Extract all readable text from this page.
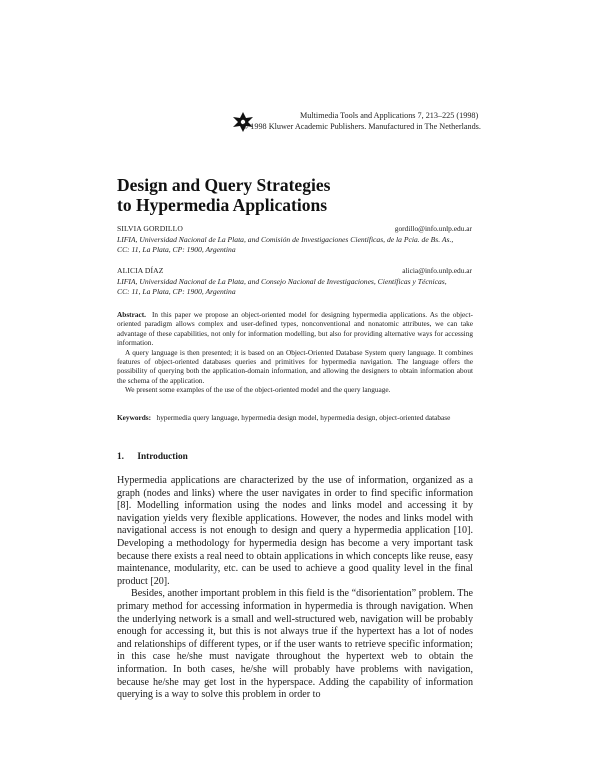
Multimedia Tools and Applications 7, 213–225 (1998)
© 1998 Kluwer Academic Publishers. Manufactured in The Netherlands.
Design and Query Strategies
to Hypermedia Applications
SILVIA GORDILLO	gordillo@info.unlp.edu.ar
LIFIA, Universidad Nacional de La Plata, and Comisión de Investigaciones Científicas, de la Pcia. de Bs. As.,
CC: 11, La Plata, CP: 1900, Argentina
ALICIA DÍAZ	alicia@info.unlp.edu.ar
LIFIA, Universidad Nacional de La Plata, and Consejo Nacional de Investigaciones, Científicas y Técnicas,
CC: 11, La Plata, CP: 1900, Argentina

Abstract. In this paper we propose an object-oriented model for designing hypermedia applications. As the object-oriented paradigm allows complex and user-defined types, nonconventional and nonatomic attributes, we can take advantage of these capabilities, not only for information modelling, but also for providing alternative ways for accessing information.

A query language is then presented; it is based on an Object-Oriented Database System query language. It combines features of object-oriented databases queries and primitives for hypermedia navigation. The language offers the possibility of querying both the application-domain information, and allowing the designers to obtain information about the schema of the application.

We present some examples of the use of the object-oriented model and the query language.

Keywords: hypermedia query language, hypermedia design model, hypermedia design, object-oriented database
1. Introduction

Hypermedia applications are characterized by the use of information, organized as a graph (nodes and links) where the user navigates in order to find specific information [8]. Modelling information using the nodes and links model and accessing it by navigation yields very flexible applications. However, the nodes and links model with navigational access is not enough to design and query a hypermedia application [10]. Developing a methodology for hypermedia design has become a very important task because there exists a real need to obtain applications in which concepts like reuse, easy maintenance, modularity, etc. can be used to achieve a good quality level in the final product [20].

Besides, another important problem in this field is the “disorientation” problem. The primary method for accessing information in hypermedia is through navigation. When the underlying network is a small and well-structured web, navigation will be probably enough for accessing it, but this is not always true if the hypertext has a lot of nodes and relationships of different types, or if the user wants to retrieve specific information; in this case he/she must navigate throughout the hypertext web to obtain the information. In both cases, he/she will probably have problems with navigation, because he/she may get lost in the hyperspace. Adding the capability of information querying is a way to solve this problem in order to
